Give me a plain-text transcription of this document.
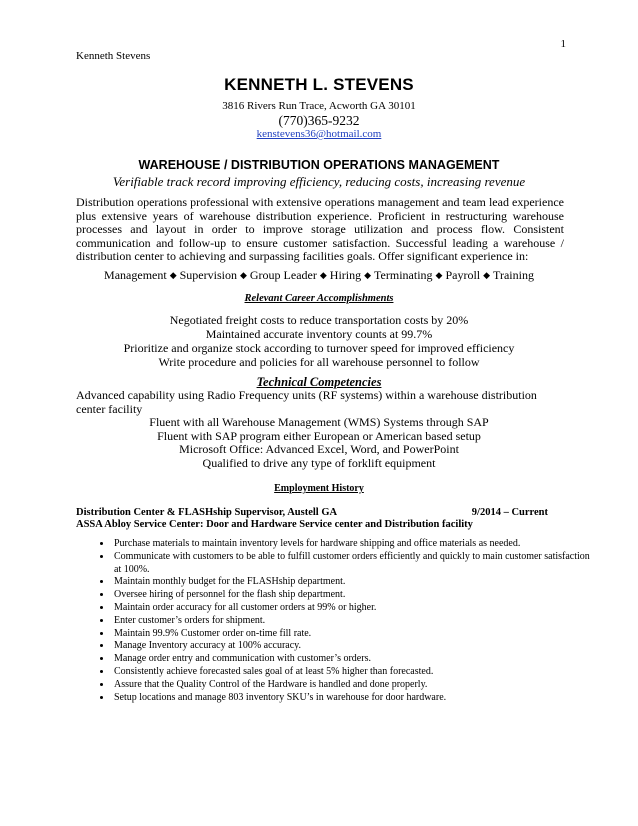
1
Kenneth Stevens
KENNETH L. STEVENS
3816 Rivers Run Trace, Acworth GA 30101
(770)365-9232
kenstevens36@hotmail.com
WAREHOUSE / DISTRIBUTION OPERATIONS MANAGEMENT
Verifiable track record improving efficiency, reducing costs, increasing revenue
Distribution operations professional with extensive operations management and team lead experience plus extensive years of warehouse distribution experience. Proficient in restructuring warehouse processes and layout in order to improve storage utilization and process flow. Consistent communication and follow-up to ensure customer satisfaction. Successful leading a warehouse / distribution center to achieving and surpassing facilities goals. Offer significant experience in:
Management ◆ Supervision ◆ Group Leader ◆ Hiring ◆ Terminating ◆ Payroll ◆ Training
Relevant Career Accomplishments
Negotiated freight costs to reduce transportation costs by 20%
Maintained accurate inventory counts at 99.7%
Prioritize and organize stock according to turnover speed for improved efficiency
Write procedure and policies for all warehouse personnel to follow
Technical Competencies
Advanced capability using Radio Frequency units (RF systems) within a warehouse distribution center facility
Fluent with all Warehouse Management (WMS) Systems through SAP
Fluent with SAP program either European or American based setup
Microsoft Office: Advanced Excel, Word, and PowerPoint
Qualified to drive any type of forklift equipment
Employment History
Distribution Center & FLASHship Supervisor, Austell GA	9/2014 – Current
ASSA Abloy Service Center: Door and Hardware Service center and Distribution facility
• Purchase materials to maintain inventory levels for hardware shipping and office materials as needed.
• Communicate with customers to be able to fulfill customer orders efficiently and quickly to main customer satisfaction at 100%.
• Maintain monthly budget for the FLASHship department.
• Oversee hiring of personnel for the flash ship department.
• Maintain order accuracy for all customer orders at 99% or higher.
• Enter customer’s orders for shipment.
• Maintain 99.9% Customer order on-time fill rate.
• Manage Inventory accuracy at 100% accuracy.
• Manage order entry and communication with customer’s orders.
• Consistently achieve forecasted sales goal of at least 5% higher than forecasted.
• Assure that the Quality Control of the Hardware is handled and done properly.
• Setup locations and manage 803 inventory SKU’s in warehouse for door hardware.
